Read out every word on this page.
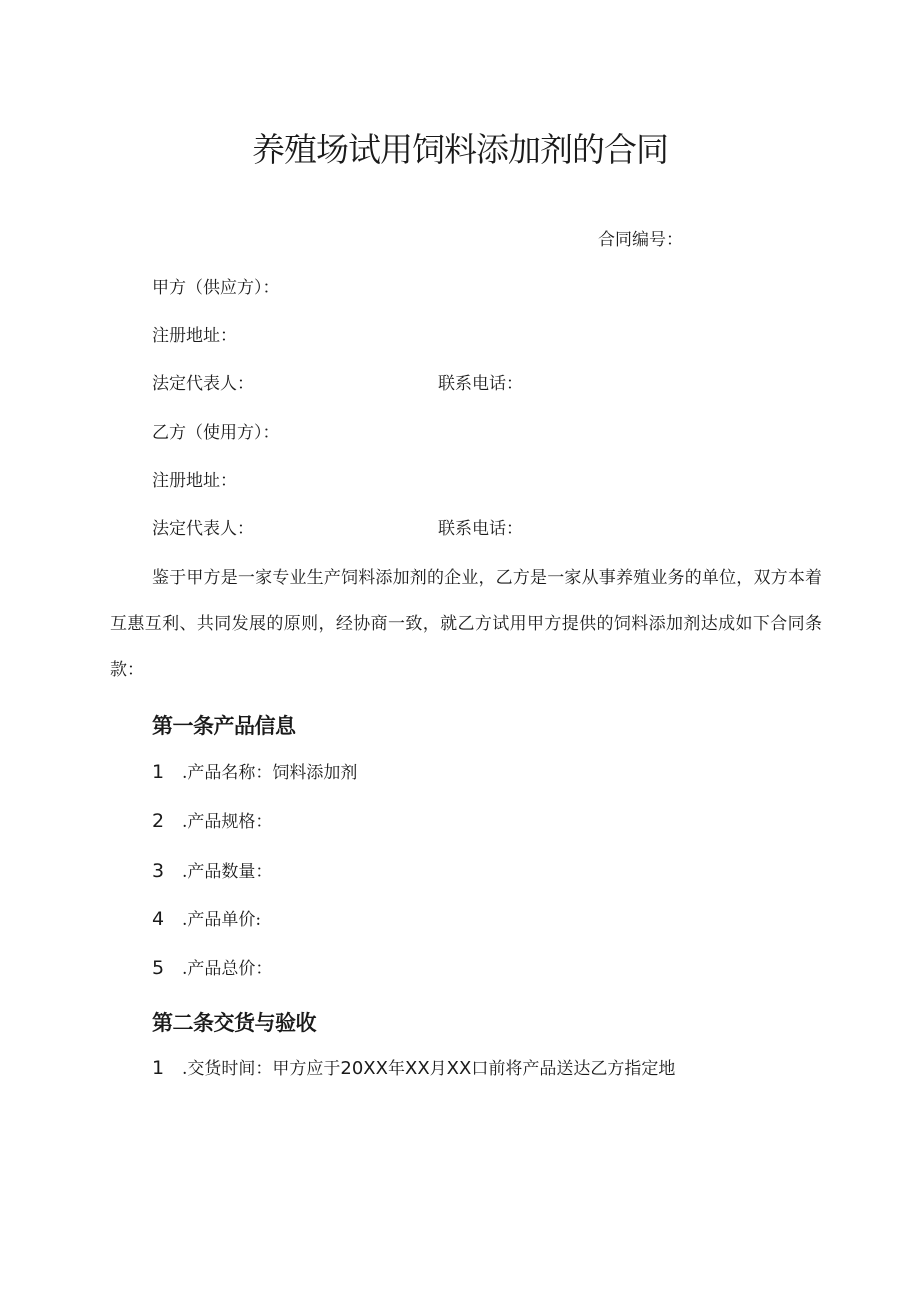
养殖场试用饲料添加剂的合同

合同编号：

甲方（供应方）：

注册地址：

法定代表人：	联系电话：

乙方（使用方）：

注册地址：

法定代表人：	联系电话：

鉴于甲方是一家专业生产饲料添加剂的企业，乙方是一家从事养殖业务的单位，双方本着互惠互利、共同发展的原则，经协商一致，就乙方试用甲方提供的饲料添加剂达成如下合同条款：

第一条产品信息
1 .产品名称：饲料添加剂
2 .产品规格：
3 .产品数量：
4 .产品单价:
5 .产品总价：
第二条交货与验收
1 .交货时间：甲方应于20XX年XX月XX口前将产品送达乙方指定地
